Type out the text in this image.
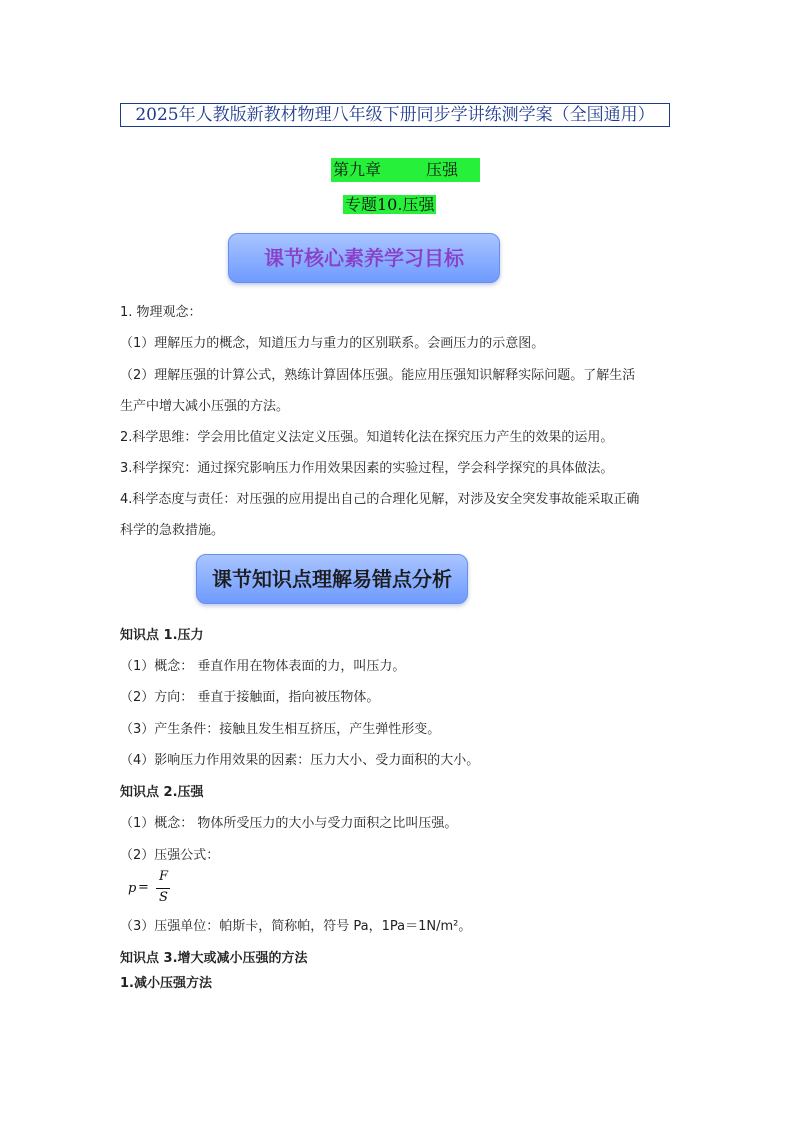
2025年人教版新教材物理八年级下册同步学讲练测学案（全国通用）
第九章	压强
专题10.压强
课节核心素养学习目标
1. 物理观念：
（1）理解压力的概念，知道压力与重力的区别联系。会画压力的示意图。
（2）理解压强的计算公式，熟练计算固体压强。能应用压强知识解释实际问题。了解生活
生产中增大减小压强的方法。
2.科学思维：学会用比值定义法定义压强。知道转化法在探究压力产生的效果的运用。
3.科学探究：通过探究影响压力作用效果因素的实验过程，学会科学探究的具体做法。
4.科学态度与责任：对压强的应用提出自己的合理化见解，对涉及安全突发事故能采取正确
科学的急救措施。
课节知识点理解易错点分析
知识点 1.压力
（1）概念： 垂直作用在物体表面的力，叫压力。
（2）方向： 垂直于接触面，指向被压物体。
（3）产生条件：接触且发生相互挤压，产生弹性形变。
（4）影响压力作用效果的因素：压力大小、受力面积的大小。
知识点 2.压强
（1）概念： 物体所受压力的大小与受力面积之比叫压强。
（2）压强公式：
p =
F
S
（3）压强单位：帕斯卡，简称帕，符号 Pa，1Pa＝1N/m²。
知识点 3.增大或减小压强的方法
1.减小压强方法
